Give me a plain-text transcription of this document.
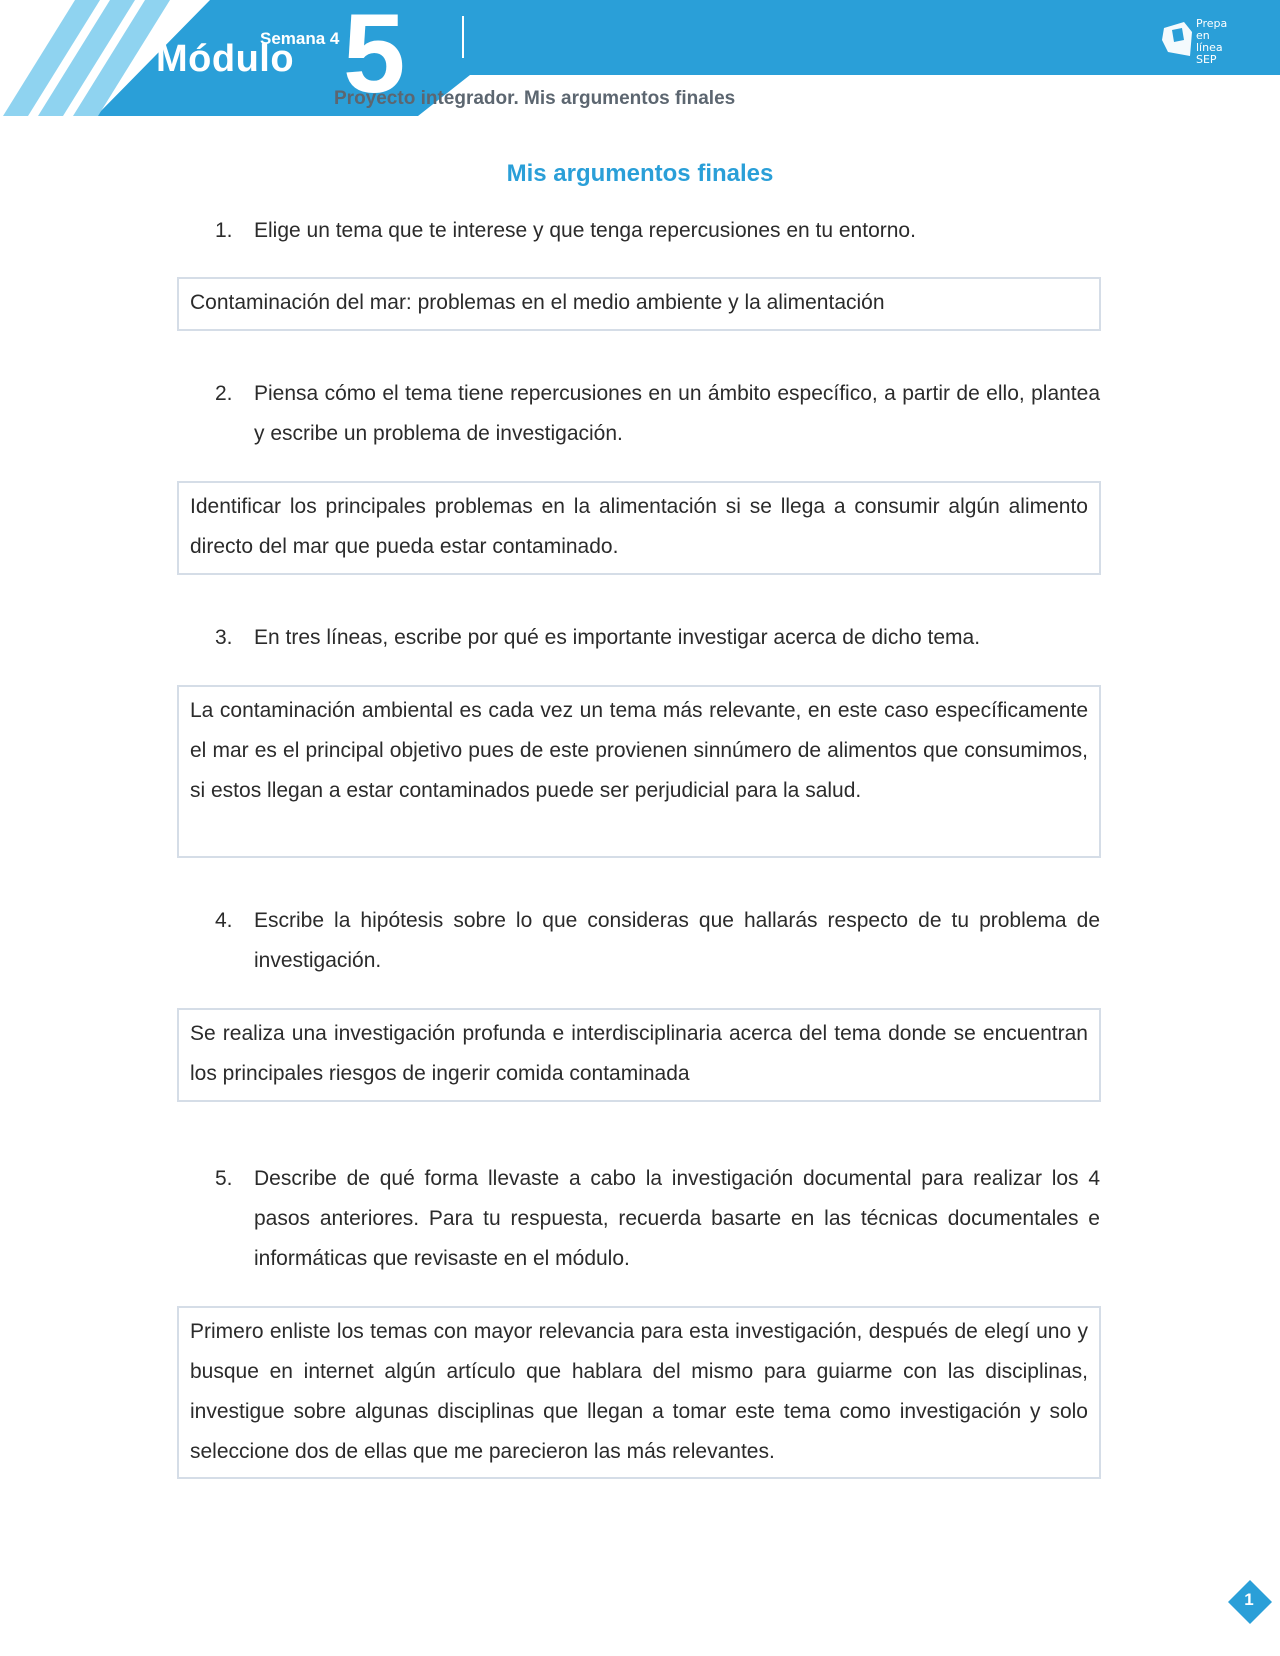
Semana 4
Módulo 5
Proyecto integrador. Mis argumentos finales
Prepa en
línea
SEP
Mis argumentos finales
1. Elige un tema que te interese y que tenga repercusiones en tu entorno.
Contaminación del mar: problemas en el medio ambiente y la alimentación
2. Piensa cómo el tema tiene repercusiones en un ámbito específico, a partir de ello, plantea y escribe un problema de investigación.
Identificar los principales problemas en la alimentación si se llega a consumir algún alimento directo del mar que pueda estar contaminado.
3. En tres líneas, escribe por qué es importante investigar acerca de dicho tema.
La contaminación ambiental es cada vez un tema más relevante, en este caso específicamente el mar es el principal objetivo pues de este provienen sinnúmero de alimentos que consumimos, si estos llegan a estar contaminados puede ser perjudicial para la salud.
4. Escribe la hipótesis sobre lo que consideras que hallarás respecto de tu problema de investigación.
Se realiza una investigación profunda e interdisciplinaria acerca del tema donde se encuentran los principales riesgos de ingerir comida contaminada
5. Describe de qué forma llevaste a cabo la investigación documental para realizar los 4 pasos anteriores. Para tu respuesta, recuerda basarte en las técnicas documentales e informáticas que revisaste en el módulo.
Primero enliste los temas con mayor relevancia para esta investigación, después de elegí uno y busque en internet algún artículo que hablara del mismo para guiarme con las disciplinas, investigue sobre algunas disciplinas que llegan a tomar este tema como investigación y solo seleccione dos de ellas que me parecieron las más relevantes.
1
